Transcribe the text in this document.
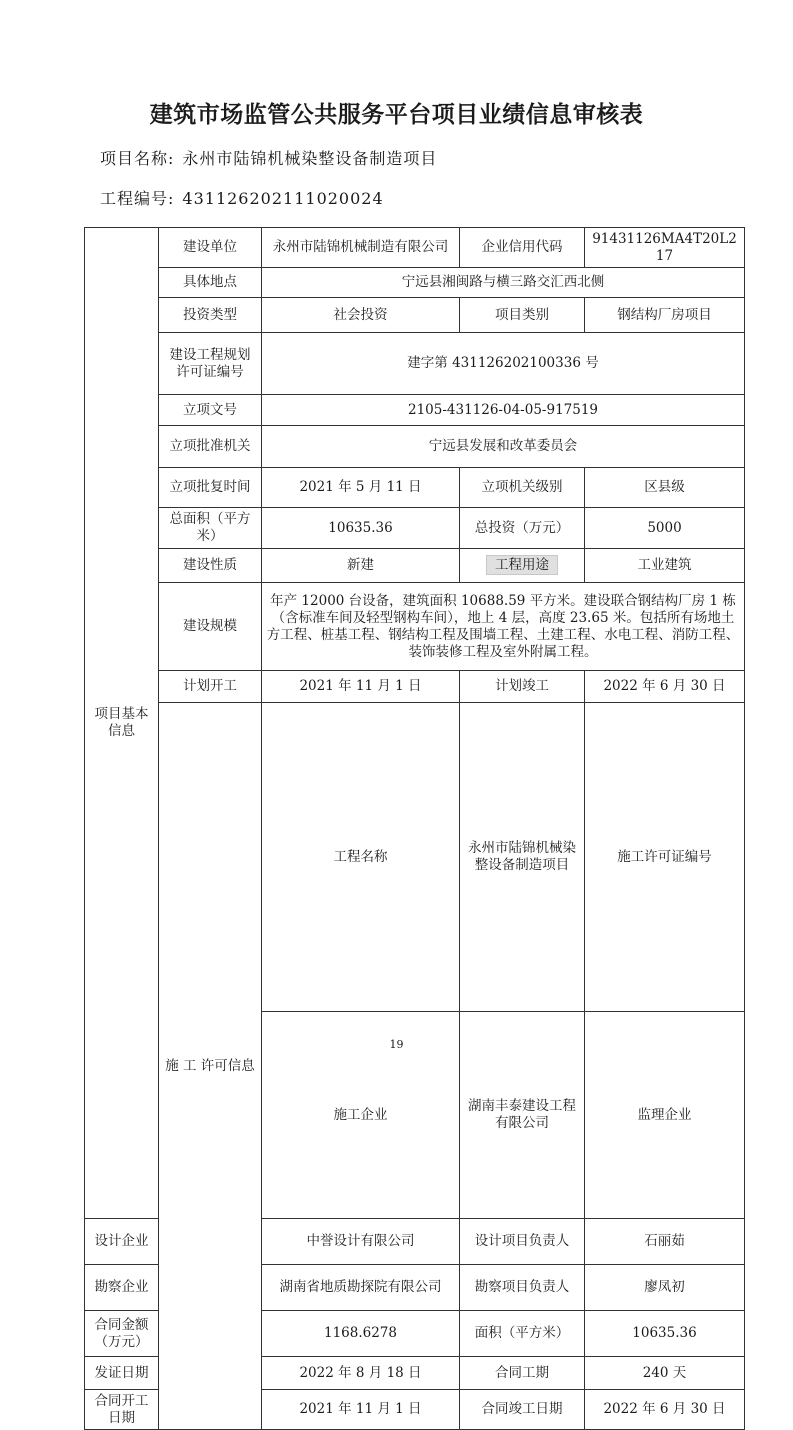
建筑市场监管公共服务平台项目业绩信息审核表
项目名称: 永州市陆锦机械染整设备制造项目
工程编号: 431126202111020024
项目基本信息	建设单位	永州市陆锦机械制造有限公司	企业信用代码	91431126MA4T20L217	
	具体地点	宁远县湘闽路与横三路交汇西北侧			
	投资类型	社会投资	项目类别	钢结构厂房项目	
	建设工程规划许可证编号	建字第 431126202100336 号			
	立项文号	2105-431126-04-05-917519			
	立项批准机关	宁远县发展和改革委员会			
	立项批复时间	2021 年 5 月 11 日	立项机关级别	区县级	
	总面积（平方米）	10635.36	总投资（万元）	5000	
	建设性质	新建	工程用途	工业建筑	
	建设规模	年产 12000 台设备，建筑面积 10688.59 平方米。建设联合钢结构厂房 1 栋（含标准车间及轻型钢构车间），地上 4 层，高度 23.65 米。包括所有场地土方工程、桩基工程、钢结构工程及围墙工程、土建工程、水电工程、消防工程、装饰装修工程及室外附属工程。			
	计划开工	2021 年 11 月 1 日	计划竣工	2022 年 6 月 30 日	
	施 工 许可信息	工程名称	永州市陆锦机械染整设备制造项目	施工许可证编号	
		施工企业	湖南丰泰建设工程有限公司	监理企业	
设计企业		中誉设计有限公司	设计项目负责人	石丽茹	
勘察企业		湖南省地质勘探院有限公司	勘察项目负责人	廖凤初	
合同金额（万元）		1168.6278	面积（平方米）	10635.36	
发证日期		2022 年 8 月 18 日	合同工期	240 天	
合同开工日期		2021 年 11 月 1 日	合同竣工日期	2022 年 6 月 30 日	
19
